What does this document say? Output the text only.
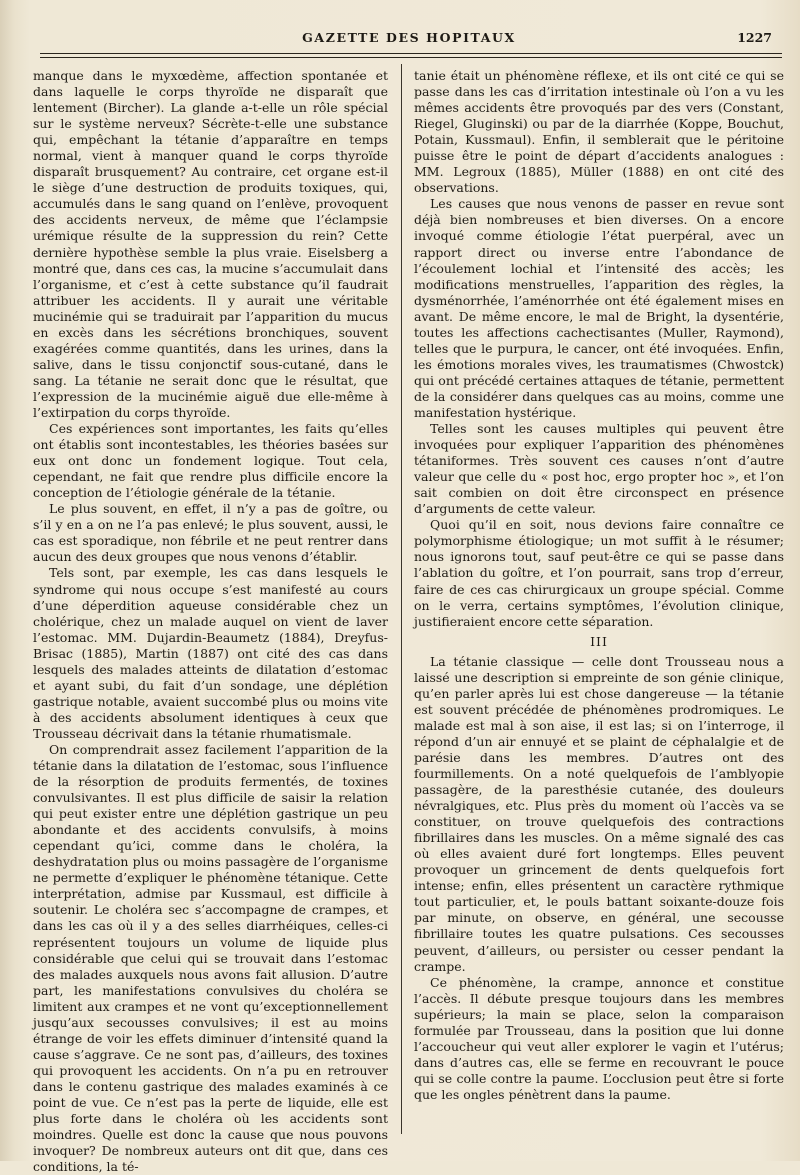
GAZETTE DES HOPITAUX	1227

manque dans le myxœdème, affection spontanée et dans laquelle le corps thyroïde ne disparaît que lentement (Bircher). La glande a-t-elle un rôle spécial sur le système nerveux? Sécrète-t-elle une substance qui, empêchant la tétanie d’apparaître en temps normal, vient à manquer quand le corps thyroïde disparaît brusquement? Au contraire, cet organe est-il le siège d’une destruction de produits toxiques, qui, accumulés dans le sang quand on l’enlève, provoquent des accidents nerveux, de même que l’éclampsie urémique résulte de la suppression du rein? Cette dernière hypothèse semble la plus vraie. Eiselsberg a montré que, dans ces cas, la mucine s’accumulait dans l’organisme, et c’est à cette substance qu’il faudrait attribuer les accidents. Il y aurait une véritable mucinémie qui se traduirait par l’apparition du mucus en excès dans les sécrétions bronchiques, souvent exagérées comme quantités, dans les urines, dans la salive, dans le tissu conjonctif sous-cutané, dans le sang. La tétanie ne serait donc que le résultat, que l’expression de la mucinémie aiguë due elle-même à l’extirpation du corps thyroïde.

Ces expériences sont importantes, les faits qu’elles ont établis sont incontestables, les théories basées sur eux ont donc un fondement logique. Tout cela, cependant, ne fait que rendre plus difficile encore la conception de l’étiologie générale de la tétanie.

Le plus souvent, en effet, il n’y a pas de goître, ou s’il y en a on ne l’a pas enlevé; le plus souvent, aussi, le cas est sporadique, non fébrile et ne peut rentrer dans aucun des deux groupes que nous venons d’établir.

Tels sont, par exemple, les cas dans lesquels le syndrome qui nous occupe s’est manifesté au cours d’une déperdition aqueuse considérable chez un cholérique, chez un malade auquel on vient de laver l’estomac. MM. Dujardin-Beaumetz (1884), Dreyfus-Brisac (1885), Martin (1887) ont cité des cas dans lesquels des malades atteints de dilatation d’estomac et ayant subi, du fait d’un sondage, une déplétion gastrique notable, avaient succombé plus ou moins vite à des accidents absolument identiques à ceux que Trousseau décrivait dans la tétanie rhumatismale.

On comprendrait assez facilement l’apparition de la tétanie dans la dilatation de l’estomac, sous l’influence de la résorption de produits fermentés, de toxines convulsivantes. Il est plus difficile de saisir la relation qui peut exister entre une déplétion gastrique un peu abondante et des accidents convulsifs, à moins cependant qu’ici, comme dans le choléra, la deshydratation plus ou moins passagère de l’organisme ne permette d’expliquer le phénomène tétanique. Cette interprétation, admise par Kussmaul, est difficile à soutenir. Le choléra sec s’accompagne de crampes, et dans les cas où il y a des selles diarrhéiques, celles-ci représentent toujours un volume de liquide plus considérable que celui qui se trouvait dans l’estomac des malades auxquels nous avons fait allusion. D’autre part, les manifestations convulsives du choléra se limitent aux crampes et ne vont qu’exceptionnellement jusqu’aux secousses convulsives; il est au moins étrange de voir les effets diminuer d’intensité quand la cause s’aggrave. Ce ne sont pas, d’ailleurs, des toxines qui provoquent les accidents. On n’a pu en retrouver dans le contenu gastrique des malades examinés à ce point de vue. Ce n’est pas la perte de liquide, elle est plus forte dans le choléra où les accidents sont moindres. Quelle est donc la cause que nous pouvons invoquer? De nombreux auteurs ont dit que, dans ces conditions, la té-

tanie était un phénomène réflexe, et ils ont cité ce qui se passe dans les cas d’irritation intestinale où l’on a vu les mêmes accidents être provoqués par des vers (Constant, Riegel, Gluginski) ou par de la diarrhée (Koppe, Bouchut, Potain, Kussmaul). Enfin, il semblerait que le péritoine puisse être le point de départ d’accidents analogues : MM. Legroux (1885), Müller (1888) en ont cité des observations.

Les causes que nous venons de passer en revue sont déjà bien nombreuses et bien diverses. On a encore invoqué comme étiologie l’état puerpéral, avec un rapport direct ou inverse entre l’abondance de l’écoulement lochial et l’intensité des accès; les modifications menstruelles, l’apparition des règles, la dysménorrhée, l’aménorrhée ont été également mises en avant. De même encore, le mal de Bright, la dysentérie, toutes les affections cachectisantes (Muller, Raymond), telles que le purpura, le cancer, ont été invoquées. Enfin, les émotions morales vives, les traumatismes (Chwostck) qui ont précédé certaines attaques de tétanie, permettent de la considérer dans quelques cas au moins, comme une manifestation hystérique.

Telles sont les causes multiples qui peuvent être invoquées pour expliquer l’apparition des phénomènes tétaniformes. Très souvent ces causes n’ont d’autre valeur que celle du « post hoc, ergo propter hoc », et l’on sait combien on doit être circonspect en présence d’arguments de cette valeur.

Quoi qu’il en soit, nous devions faire connaître ce polymorphisme étiologique; un mot suffit à le résumer; nous ignorons tout, sauf peut-être ce qui se passe dans l’ablation du goître, et l’on pourrait, sans trop d’erreur, faire de ces cas chirurgicaux un groupe spécial. Comme on le verra, certains symptômes, l’évolution clinique, justifieraient encore cette séparation.

III

La tétanie classique — celle dont Trousseau nous a laissé une description si empreinte de son génie clinique, qu’en parler après lui est chose dangereuse — la tétanie est souvent précédée de phénomènes prodromiques. Le malade est mal à son aise, il est las; si on l’interroge, il répond d’un air ennuyé et se plaint de céphalalgie et de parésie dans les membres. D’autres ont des fourmillements. On a noté quelquefois de l’amblyopie passagère, de la paresthésie cutanée, des douleurs névralgiques, etc. Plus près du moment où l’accès va se constituer, on trouve quelquefois des contractions fibrillaires dans les muscles. On a même signalé des cas où elles avaient duré fort longtemps. Elles peuvent provoquer un grincement de dents quelquefois fort intense; enfin, elles présentent un caractère rythmique tout particulier, et, le pouls battant soixante-douze fois par minute, on observe, en général, une secousse fibrillaire toutes les quatre pulsations. Ces secousses peuvent, d’ailleurs, ou persister ou cesser pendant la crampe.

Ce phénomène, la crampe, annonce et constitue l’accès. Il débute presque toujours dans les membres supérieurs; la main se place, selon la comparaison formulée par Trousseau, dans la position que lui donne l’accoucheur qui veut aller explorer le vagin et l’utérus; dans d’autres cas, elle se ferme en recouvrant le pouce qui se colle contre la paume. L’occlusion peut être si forte que les ongles pénètrent dans la paume.
